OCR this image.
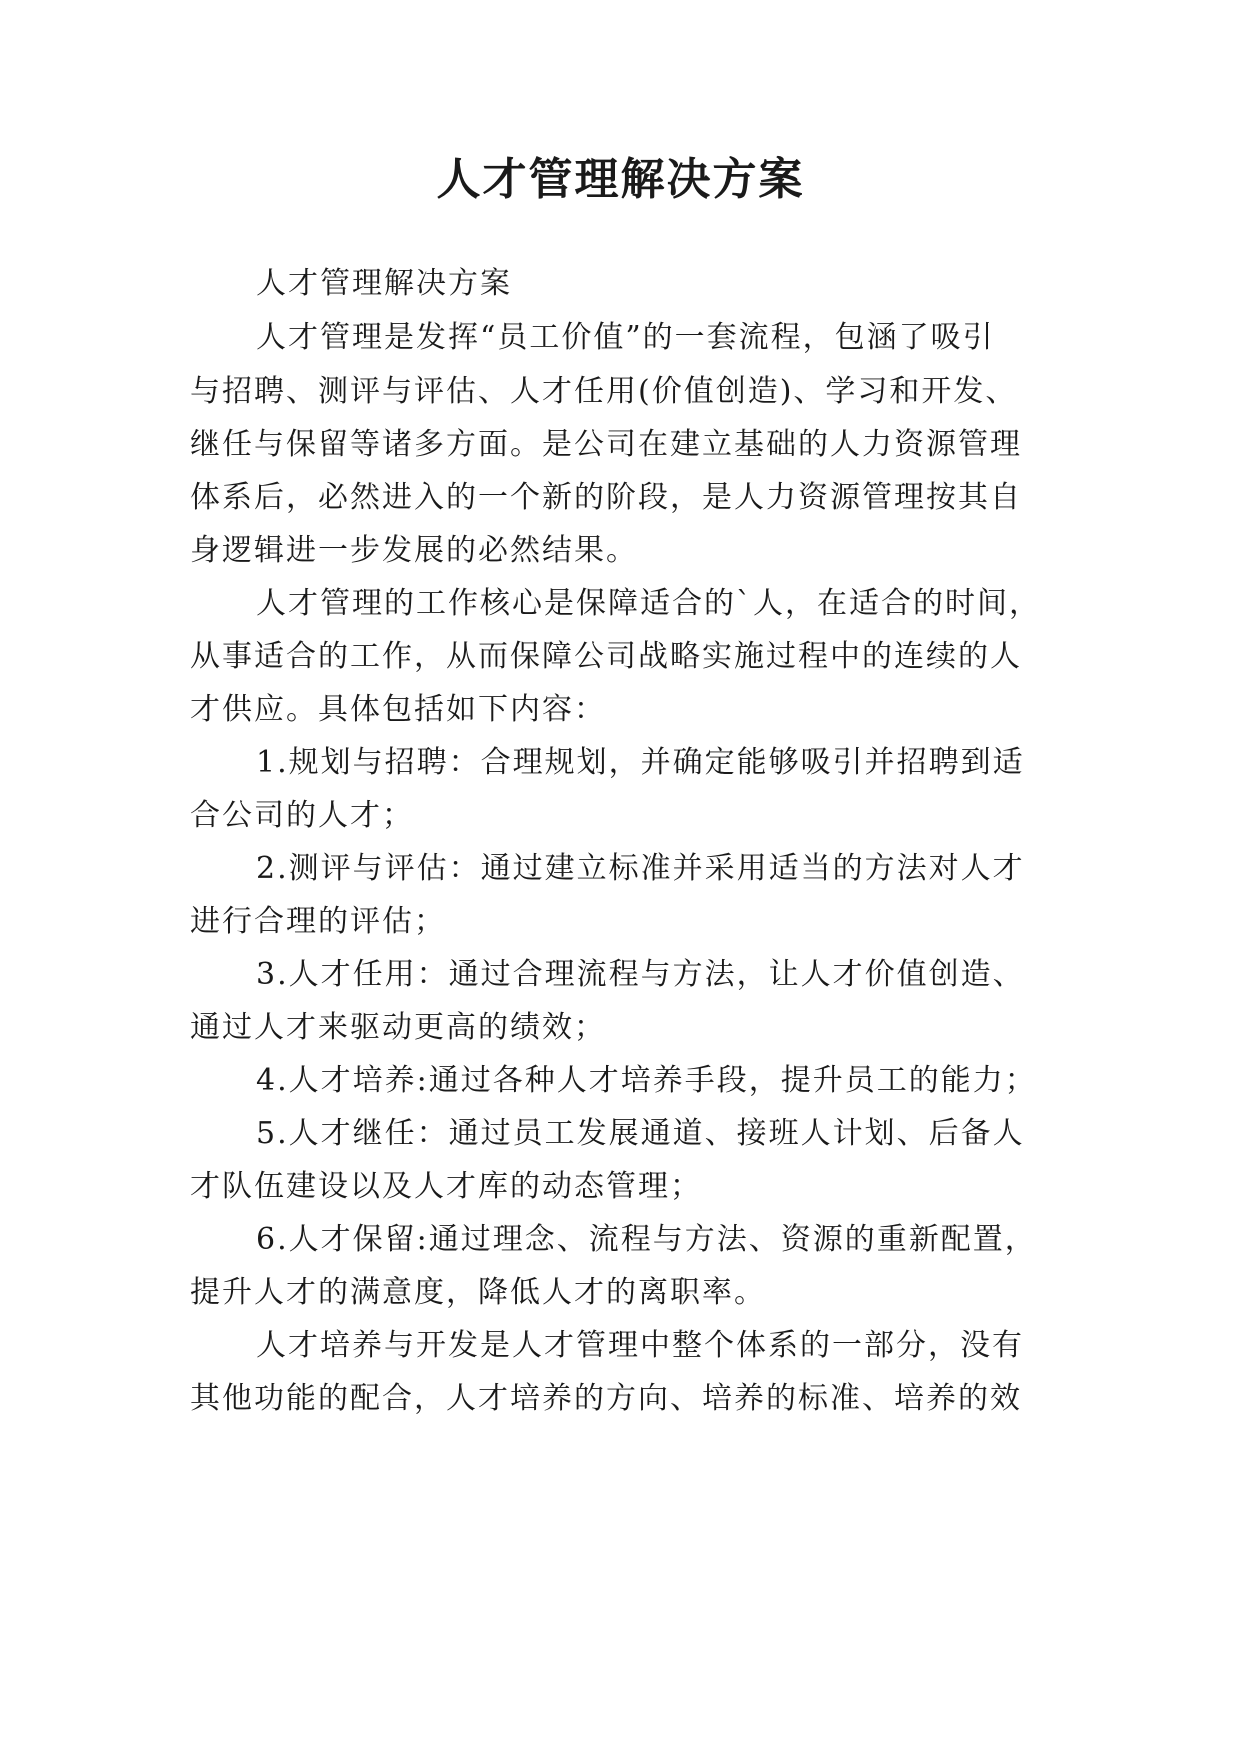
人才管理解决方案

人才管理解决方案

人才管理是发挥“员工价值”的一套流程，包涵了吸引

与招聘、测评与评估、人才任用(价值创造)、学习和开发、

继任与保留等诸多方面。是公司在建立基础的人力资源管理

体系后，必然进入的一个新的阶段，是人力资源管理按其自

身逻辑进一步发展的必然结果。

人才管理的工作核心是保障适合的`人，在适合的时间，

从事适合的工作，从而保障公司战略实施过程中的连续的人

才供应。具体包括如下内容：

1.规划与招聘：合理规划，并确定能够吸引并招聘到适

合公司的人才；

2.测评与评估：通过建立标准并采用适当的方法对人才

进行合理的评估；

3.人才任用：通过合理流程与方法，让人才价值创造、

通过人才来驱动更高的绩效；

4.人才培养:通过各种人才培养手段，提升员工的能力；

5.人才继任：通过员工发展通道、接班人计划、后备人

才队伍建设以及人才库的动态管理；

6.人才保留:通过理念、流程与方法、资源的重新配置，

提升人才的满意度，降低人才的离职率。

人才培养与开发是人才管理中整个体系的一部分，没有

其他功能的配合，人才培养的方向、培养的标准、培养的效
